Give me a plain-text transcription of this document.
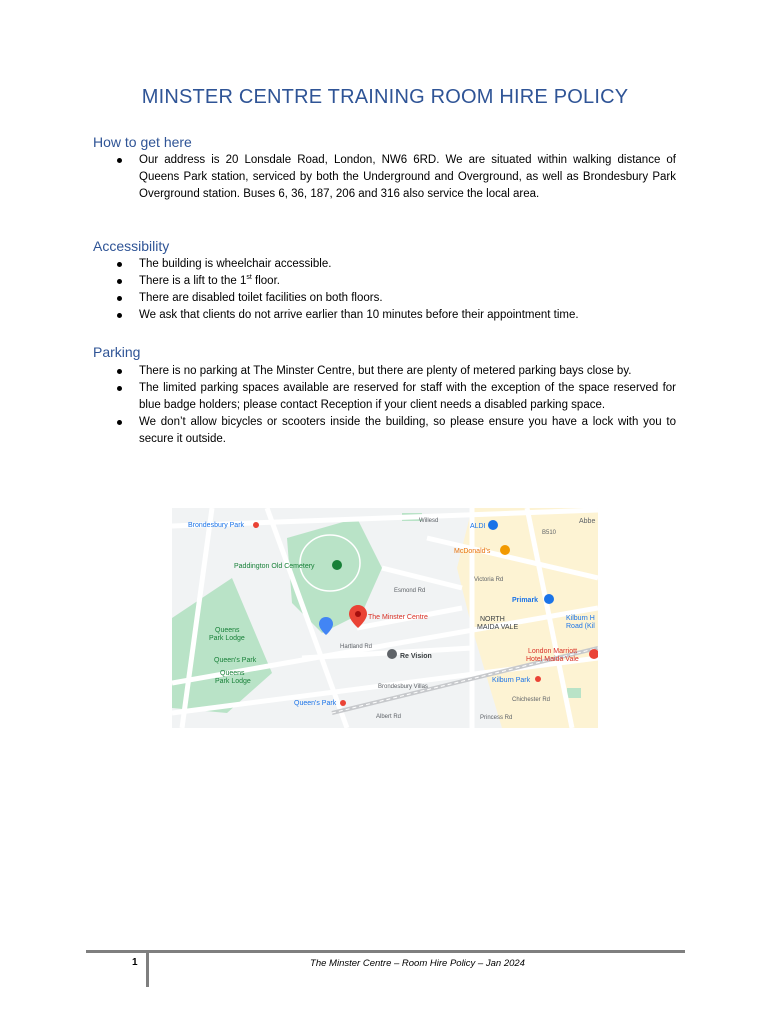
MINSTER CENTRE TRAINING ROOM HIRE POLICY
How to get here
Our address is 20 Lonsdale Road, London, NW6 6RD. We are situated within walking distance of Queens Park station, serviced by both the Underground and Overground, as well as Brondesbury Park Overground station. Buses 6, 36, 187, 206 and 316 also service the local area.
Accessibility
The building is wheelchair accessible.
There is a lift to the 1st floor.
There are disabled toilet facilities on both floors.
We ask that clients do not arrive earlier than 10 minutes before their appointment time.
Parking
There is no parking at The Minster Centre, but there are plenty of metered parking bays close by.
The limited parking spaces available are reserved for staff with the exception of the space reserved for blue badge holders; please contact Reception if your client needs a disabled parking space.
We don’t allow bicycles or scooters inside the building, so please ensure you have a lock with you to secure it outside.
Brondesbury Park
Paddington Old Cemetery
Queens
Park Lodge
Queen's Park
Queens
Park Lodge
The Minster Centre
Re Vision
NORTH
MAIDA VALE
ALDI
McDonald's
Primark
Kilburn H
Road (Kil
London Marriott
Hotel Maida Vale
Kilburn Park
Queen's Park
Abbe
B510
Esmond Rd
Hartland Rd
Brondesbury Villas
Albert Rd
Chichester Rd
Princess Rd
Willesd
Victoria Rd
1	The Minster Centre – Room Hire Policy – Jan 2024
